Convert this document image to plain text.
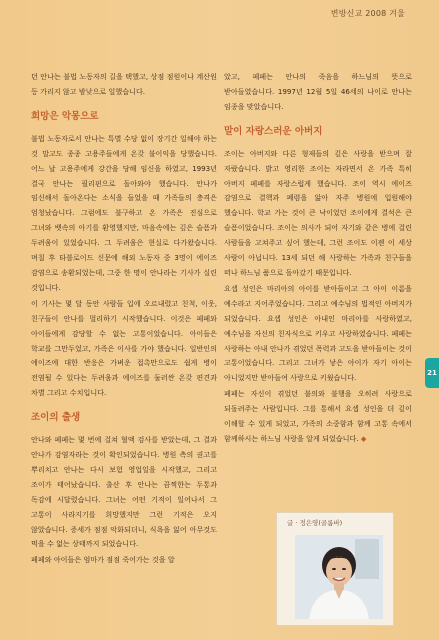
변방신교 2008 겨울
21

던 안나는 불법 노동자의 길을 택했고, 상점 점원이나 계산원 등 가리지 않고 밤낮으로 일했습니다.

희망은 악몽으로

불법 노동자로서 안나는 특별 수당 없이 장기간 일해야 하는 것 말고도 종종 고용주들에게 온갖 불이익을 당했습니다. 어느 날 고용주에게 강간을 당해 임신을 하였고, 1993년 결국 안나는 필리핀으로 돌아와야 했습니다. 안나가 임신해서 돌아온다는 소식을 들었을 때 가족들의 충격은 엄청났습니다. 그럼에도 불구하고 온 가족은 진심으로 그녀와 뱃속의 아기를 환영했지만, 마음속에는 깊은 슬픔과 두려움이 있었습니다. 그 두려움은 현실로 다가왔습니다. 며칠 후 타블로이드 신문에 해외 노동자 중 3명이 에이즈 감염으로 송환되었는데, 그중 한 명이 안나라는 기사가 실린 것입니다.

이 기사는 몇 달 동안 사람들 입에 오르내렸고 친척, 이웃, 친구들이 안나를 멀리하기 시작했습니다. 이것은 페페와 아이들에게 감당할 수 없는 고통이었습니다. 아이들은 학교를 그만두었고, 가족은 이사를 가야 했습니다. 일반인의 에이즈에 대한 반응은 가벼운 접촉만으로도 쉽게 병이 전염될 수 있다는 두려움과 에이즈를 둘러싼 온갖 편견과 차별 그리고 수치입니다.

조이의 출생

안나와 페페는 몇 번에 걸쳐 혈액 검사를 받았는데, 그 결과 안나가 감염자라는 것이 확인되었습니다. 병원 측의 권고를 뿌리치고 안나는 다시 보험 영업일을 시작했고, 그리고 조이가 태어났습니다. 출산 후 안나는 끔찍한는 두통과 독감에 시달렸습니다. 그녀는 어떤 기적이 일어나서 그 고통이 사라지기를 희망했지만 그런 기적은 오지 않았습니다. 증세가 점점 악화되더니, 식욕을 잃어 아무것도 먹을 수 없는 상태까지 되었습니다.

페페와 아이들은 엄마가 점점 죽어가는 것을 알

았고, 페페는 안나의 죽음을 하느님의 뜻으로 받아들였습니다. 1997년 12월 5일 46세의 나이로 안나는 임종을 맞았습니다.

말이 자랑스러운 아버지

조이는 아버지와 다른 형제들의 깊은 사랑을 받으며 잘 자랐습니다. 밝고 영리한 조이는 자라면서 온 가족 특히 아버지 페페를 자랑스럽게 했습니다. 조이 역시 에이즈 감염으로 결핵과 폐렴을 앓아 자주 병원에 입원해야 했습니다. 학교 가는 것이 큰 낙이었던 조이에게 결석은 큰 슬픔이었습니다. 조이는 의사가 되어 자기와 같은 병에 걸린 사람들을 고쳐주고 싶어 했는데, 그런 조이도 이젠 이 세상 사람이 아닙니다. 13세 되던 해 사랑하는 가족과 친구들을 떠나 하느님 품으로 돌아갔기 때문입니다.

요셉 성인은 마리아의 아이를 받아들이고 그 아이 이름을 예수라고 지어주었습니다. 그리고 예수님의 법적인 아버지가 되었습니다. 요셉 성인은 아내인 마리아를 사랑하였고, 예수님을 자신의 친자식으로 키우고 사랑하였습니다. 페페는 사랑하는 아내 안나가 겪었던 폭력과 고도을 받아들이는 것이 고통이었습니다. 그리고 그녀가 낳은 아이가 자기 아이는 아니었지만 받아들여 사랑으로 키웠습니다.

페페는 자신이 겪었던 불의와 불행을 오히려 사랑으로 되돌려주는 사람입니다. 그를 통해서 요셉 성인을 더 깊이 이해할 수 있게 되었고, 가족의 소중함과 함께 고통 속에서 함께하시는 하느님 사랑을 알게 되었습니다. ◆

글 · 정은영(골롬바)
